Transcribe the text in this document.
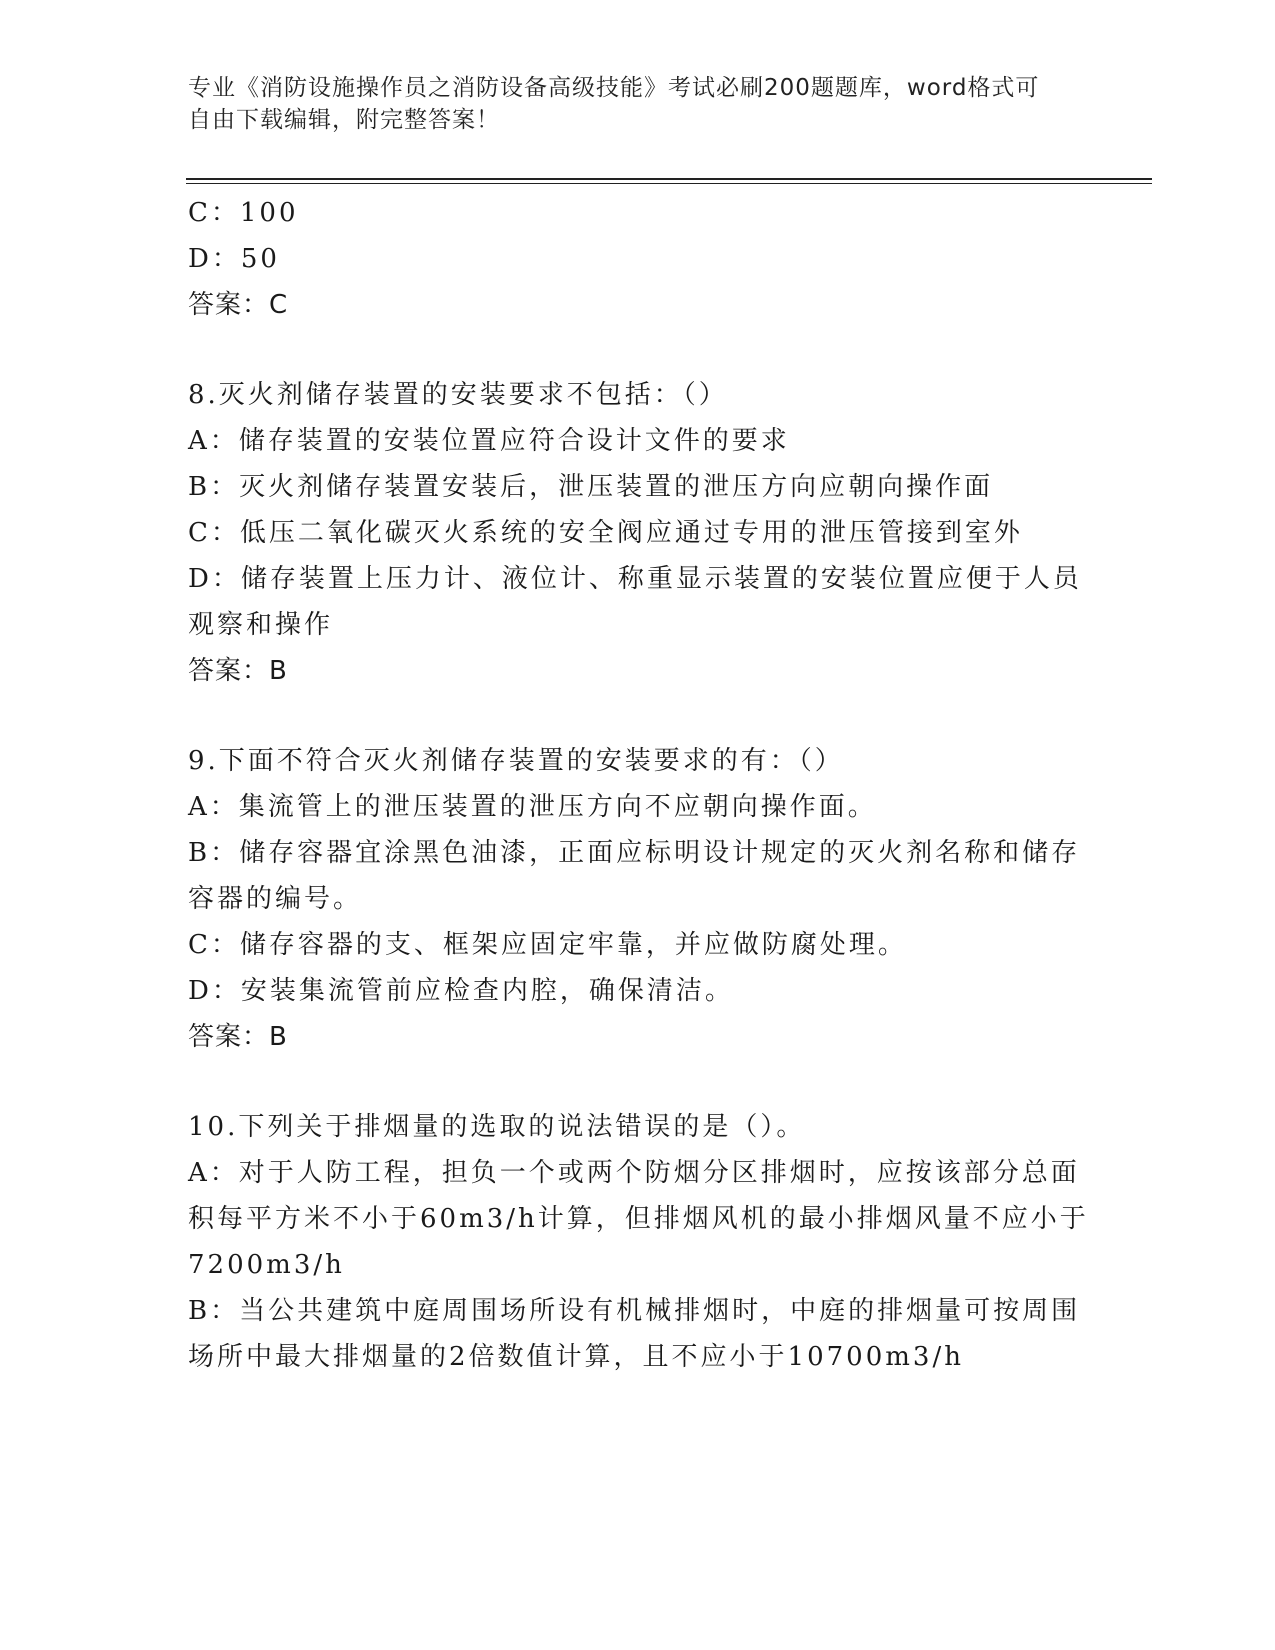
专业《消防设施操作员之消防设备高级技能》考试必刷200题题库，word格式可
自由下载编辑，附完整答案！
C：100
D：50
答案：C
8.灭火剂储存装置的安装要求不包括：（）
A：储存装置的安装位置应符合设计文件的要求
B：灭火剂储存装置安装后，泄压装置的泄压方向应朝向操作面
C：低压二氧化碳灭火系统的安全阀应通过专用的泄压管接到室外
D：储存装置上压力计、液位计、称重显示装置的安装位置应便于人员
观察和操作
答案：B
9.下面不符合灭火剂储存装置的安装要求的有：（）
A：集流管上的泄压装置的泄压方向不应朝向操作面。
B：储存容器宜涂黑色油漆，正面应标明设计规定的灭火剂名称和储存
容器的编号。
C：储存容器的支、框架应固定牢靠，并应做防腐处理。
D：安装集流管前应检查内腔，确保清洁。
答案：B
10.下列关于排烟量的选取的说法错误的是（）。
A：对于人防工程，担负一个或两个防烟分区排烟时，应按该部分总面
积每平方米不小于60m3/h计算，但排烟风机的最小排烟风量不应小于
7200m3/h
B：当公共建筑中庭周围场所设有机械排烟时，中庭的排烟量可按周围
场所中最大排烟量的2倍数值计算，且不应小于10700m3/h
